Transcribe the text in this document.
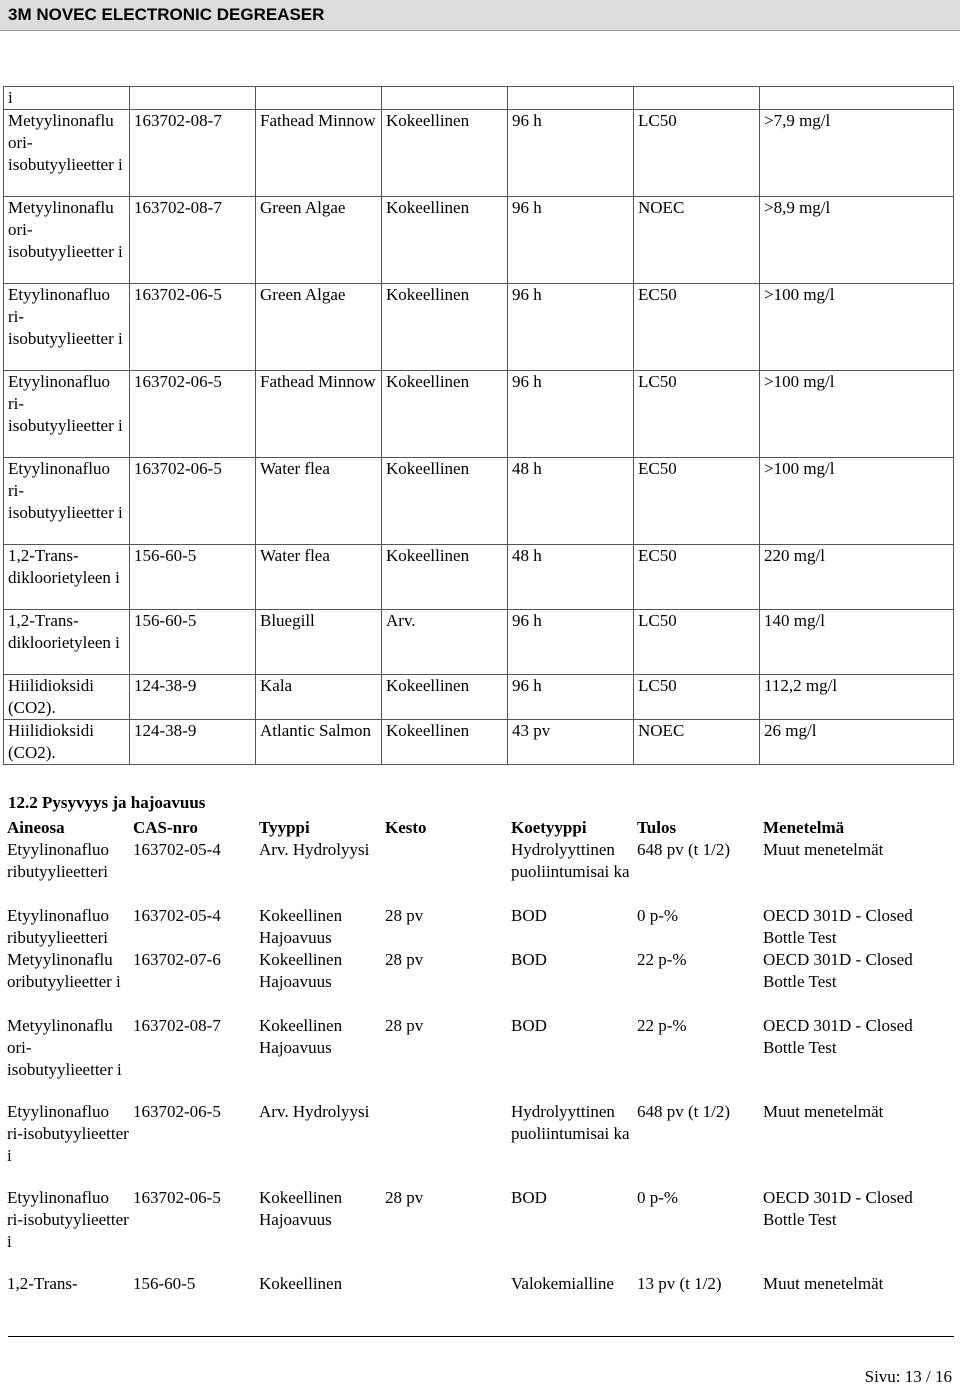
3M NOVEC ELECTRONIC DEGREASER
i						
Metyylinonaflu ori-isobutyylieetter i	163702-08-7	Fathead Minnow	Kokeellinen	96 h	LC50	>7,9 mg/l
Metyylinonaflu ori-isobutyylieetter i	163702-08-7	Green Algae	Kokeellinen	96 h	NOEC	>8,9 mg/l
Etyylinonafluo ri-isobutyylieetter i	163702-06-5	Green Algae	Kokeellinen	96 h	EC50	>100 mg/l
Etyylinonafluo ri-isobutyylieetter i	163702-06-5	Fathead Minnow	Kokeellinen	96 h	LC50	>100 mg/l
Etyylinonafluo ri-isobutyylieetter i	163702-06-5	Water flea	Kokeellinen	48 h	EC50	>100 mg/l
1,2-Trans-dikloorietyleen i	156-60-5	Water flea	Kokeellinen	48 h	EC50	220 mg/l
1,2-Trans-dikloorietyleen i	156-60-5	Bluegill	Arv.	96 h	LC50	140 mg/l
Hiilidioksidi (CO2).	124-38-9	Kala	Kokeellinen	96 h	LC50	112,2 mg/l
Hiilidioksidi (CO2).	124-38-9	Atlantic Salmon	Kokeellinen	43 pv	NOEC	26 mg/l
12.2 Pysyvyys ja hajoavuus
Aineosa	CAS-nro	Tyyppi	Kesto	Koetyyppi	Tulos	Menetelmä
Etyylinonafluo ributyylieetteri	163702-05-4	Arv. Hydrolyysi		Hydrolyyttinen puoliintumisai ka	648 pv (t 1/2)	Muut menetelmät
Etyylinonafluo ributyylieetteri	163702-05-4	Kokeellinen Hajoavuus	28 pv	BOD	0 p-%	OECD 301D - Closed Bottle Test
Metyylinonaflu oributyylieetter i	163702-07-6	Kokeellinen Hajoavuus	28 pv	BOD	22 p-%	OECD 301D - Closed Bottle Test
Metyylinonaflu ori-isobutyylieetter i	163702-08-7	Kokeellinen Hajoavuus	28 pv	BOD	22 p-%	OECD 301D - Closed Bottle Test
Etyylinonafluo ri-isobutyylieetter i	163702-06-5	Arv. Hydrolyysi		Hydrolyyttinen puoliintumisai ka	648 pv (t 1/2)	Muut menetelmät
Etyylinonafluo ri-isobutyylieetter i	163702-06-5	Kokeellinen Hajoavuus	28 pv	BOD	0 p-%	OECD 301D - Closed Bottle Test
1,2-Trans-	156-60-5	Kokeellinen		Valokemialline	13 pv (t 1/2)	Muut menetelmät
Sivu: 13 / 16
